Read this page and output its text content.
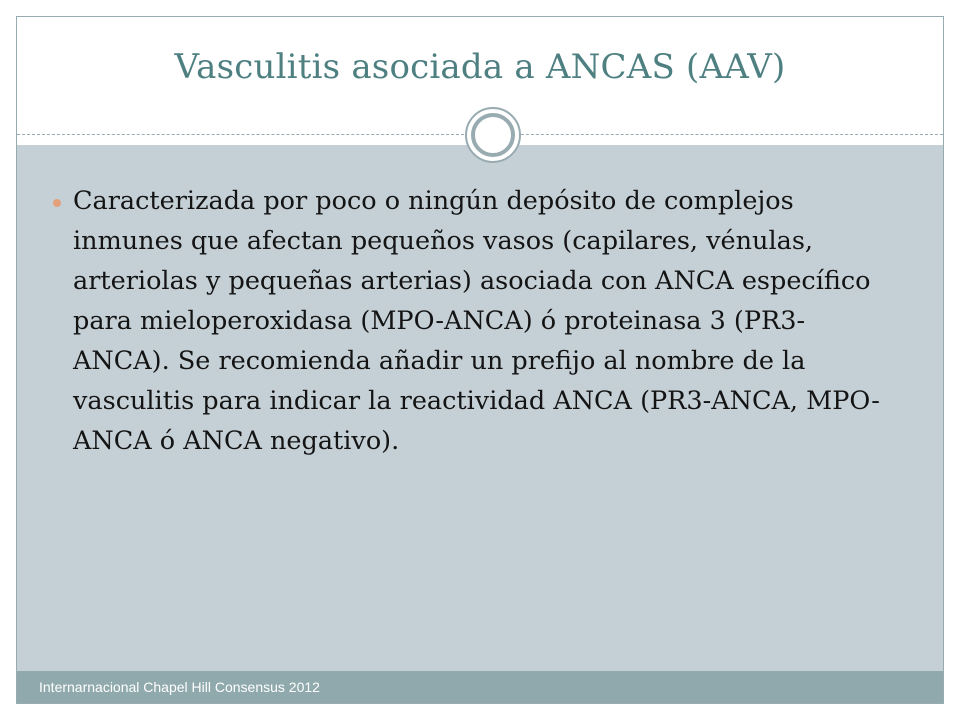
Vasculitis asociada a ANCAS (AAV)
Caracterizada por poco o ningún depósito de complejos inmunes que afectan pequeños vasos (capilares, vénulas, arteriolas y pequeñas arterias) asociada con ANCA específico para mieloperoxidasa (MPO-ANCA) ó proteinasa 3 (PR3-ANCA). Se recomienda añadir un prefijo al nombre de la vasculitis para indicar la reactividad ANCA (PR3-ANCA, MPO-ANCA ó ANCA negativo).
Internarnacional Chapel Hill Consensus 2012
